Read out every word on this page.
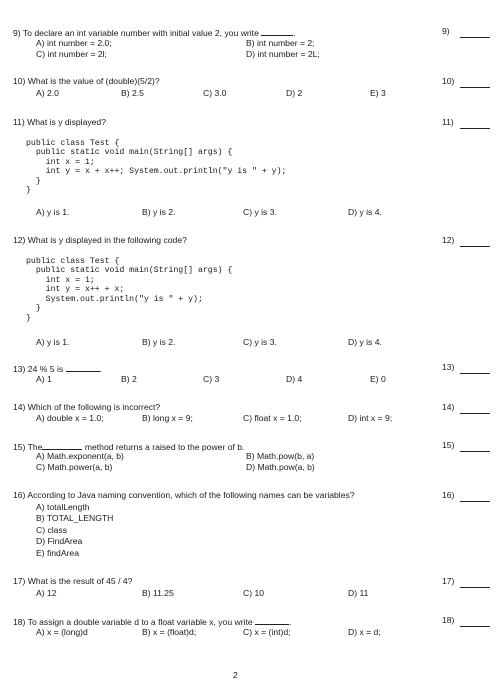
9) To declare an int variable number with initial value 2, you write	.	9)
A) int number = 2.0;	B) int number = 2;
C) int number = 2l;	D) int number = 2L;
10) What is the value of (double)(5/2)?	10)
A) 2.0	B) 2.5	C) 3.0	D) 2	E) 3
11) What is y displayed?	11)
public class Test {
public static void main(String[] args) {
int x = 1;
int y = x + x++; System.out.println("y is " + y);
}
}
A) y is 1.	B) y is 2.	C) y is 3.	D) y is 4.
12) What is y displayed in the following code?	12)
public class Test {
public static void main(String[] args) {
int x = 1;
int y = x++ + x;
System.out.println("y is " + y);
}
}
A) y is 1.	B) y is 2.	C) y is 3.	D) y is 4.
13) 24 % 5 is	.	13)
A) 1	B) 2	C) 3	D) 4	E) 0
14) Which of the following is incorrect?	14)
A) double x = 1.0;	B) long x = 9;	C) float x = 1.0;	D) int x = 9;
15) The	method returns a raised to the power of b.	15)
A) Math.exponent(a, b)	B) Math.pow(b, a)
C) Math.power(a, b)	D) Math.pow(a, b)
16) According to Java naming convention, which of the following names can be variables?	16)
A) totalLength
B) TOTAL_LENGTH
C) class
D) FindArea
E) findArea
17) What is the result of 45 / 4?	17)
A) 12	B) 11.25	C) 10	D) 11
18) To assign a double variable d to a float variable x, you write	.	18)
A) x = (long)d	B) x = (float)d;	C) x = (int)d;	D) x = d;
2
